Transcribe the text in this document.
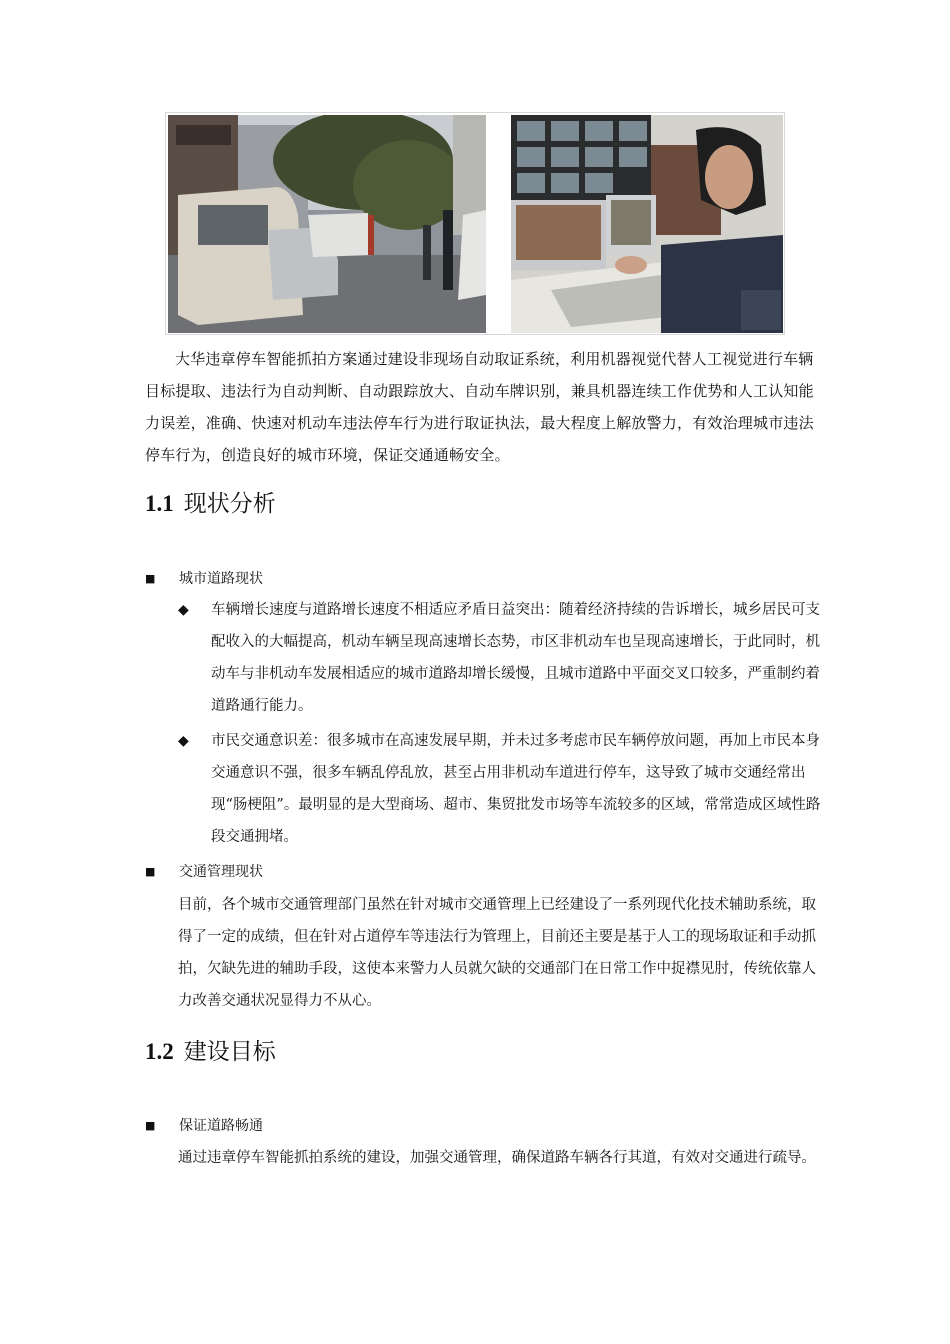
大华违章停车智能抓拍方案通过建设非现场自动取证系统，利用机器视觉代替人工视觉进行车辆目标提取、违法行为自动判断、自动跟踪放大、自动车牌识别，兼具机器连续工作优势和人工认知能力误差，准确、快速对机动车违法停车行为进行取证执法，最大程度上解放警力，有效治理城市违法停车行为，创造良好的城市环境，保证交通通畅安全。
1.1 现状分析
■ 城市道路现状
◆ 车辆增长速度与道路增长速度不相适应矛盾日益突出：随着经济持续的告诉增长，城乡居民可支配收入的大幅提高，机动车辆呈现高速增长态势，市区非机动车也呈现高速增长，于此同时，机动车与非机动车发展相适应的城市道路却增长缓慢，且城市道路中平面交叉口较多，严重制约着道路通行能力。
◆ 市民交通意识差：很多城市在高速发展早期，并未过多考虑市民车辆停放问题，再加上市民本身交通意识不强，很多车辆乱停乱放，甚至占用非机动车道进行停车，这导致了城市交通经常出现“肠梗阻”。最明显的是大型商场、超市、集贸批发市场等车流较多的区域，常常造成区域性路段交通拥堵。
■ 交通管理现状
目前，各个城市交通管理部门虽然在针对城市交通管理上已经建设了一系列现代化技术辅助系统，取得了一定的成绩，但在针对占道停车等违法行为管理上，目前还主要是基于人工的现场取证和手动抓拍，欠缺先进的辅助手段，这使本来警力人员就欠缺的交通部门在日常工作中捉襟见肘，传统依靠人力改善交通状况显得力不从心。
1.2 建设目标
■ 保证道路畅通
通过违章停车智能抓拍系统的建设，加强交通管理，确保道路车辆各行其道，有效对交通进行疏导。
